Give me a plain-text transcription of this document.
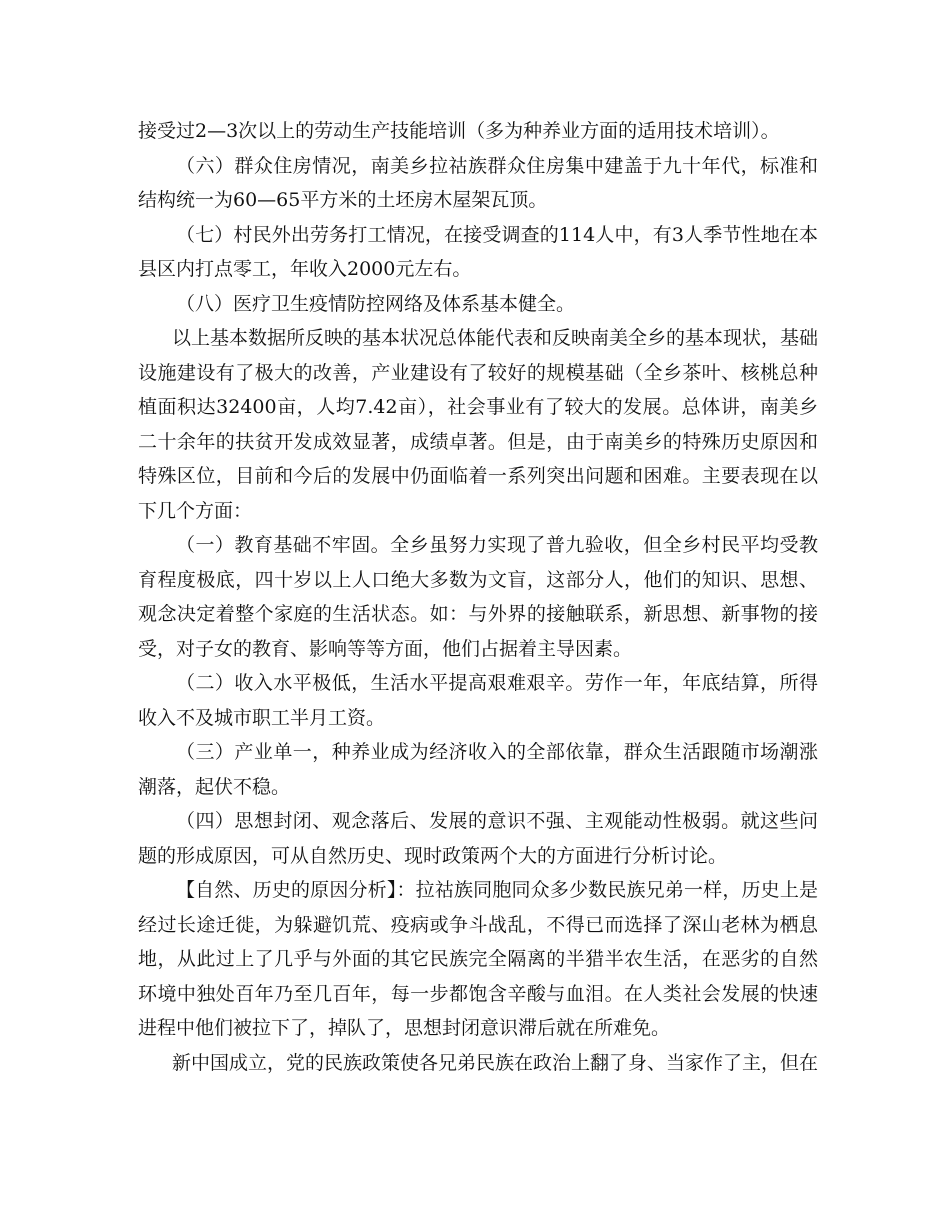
接受过2—3次以上的劳动生产技能培训（多为种养业方面的适用技术培训）。

（六）群众住房情况，南美乡拉祜族群众住房集中建盖于九十年代，标准和结构统一为60—65平方米的土坯房木屋架瓦顶。

（七）村民外出劳务打工情况，在接受调查的114人中，有3人季节性地在本县区内打点零工，年收入2000元左右。

（八）医疗卫生疫情防控网络及体系基本健全。

以上基本数据所反映的基本状况总体能代表和反映南美全乡的基本现状，基础设施建设有了极大的改善，产业建设有了较好的规模基础（全乡茶叶、核桃总种植面积达32400亩，人均7.42亩），社会事业有了较大的发展。总体讲，南美乡二十余年的扶贫开发成效显著，成绩卓著。但是，由于南美乡的特殊历史原因和特殊区位，目前和今后的发展中仍面临着一系列突出问题和困难。主要表现在以下几个方面：

（一）教育基础不牢固。全乡虽努力实现了普九验收，但全乡村民平均受教育程度极底，四十岁以上人口绝大多数为文盲，这部分人，他们的知识、思想、观念决定着整个家庭的生活状态。如：与外界的接触联系，新思想、新事物的接受，对子女的教育、影响等等方面，他们占据着主导因素。

（二）收入水平极低，生活水平提高艰难艰辛。劳作一年，年底结算，所得收入不及城市职工半月工资。

（三）产业单一，种养业成为经济收入的全部依靠，群众生活跟随市场潮涨潮落，起伏不稳。

（四）思想封闭、观念落后、发展的意识不强、主观能动性极弱。就这些问题的形成原因，可从自然历史、现时政策两个大的方面进行分析讨论。

【自然、历史的原因分析】：拉祜族同胞同众多少数民族兄弟一样，历史上是经过长途迁徙，为躲避饥荒、疫病或争斗战乱，不得已而选择了深山老林为栖息地，从此过上了几乎与外面的其它民族完全隔离的半猎半农生活，在恶劣的自然环境中独处百年乃至几百年，每一步都饱含辛酸与血泪。在人类社会发展的快速进程中他们被拉下了，掉队了，思想封闭意识滞后就在所难免。

新中国成立，党的民族政策使各兄弟民族在政治上翻了身、当家作了主，但在
